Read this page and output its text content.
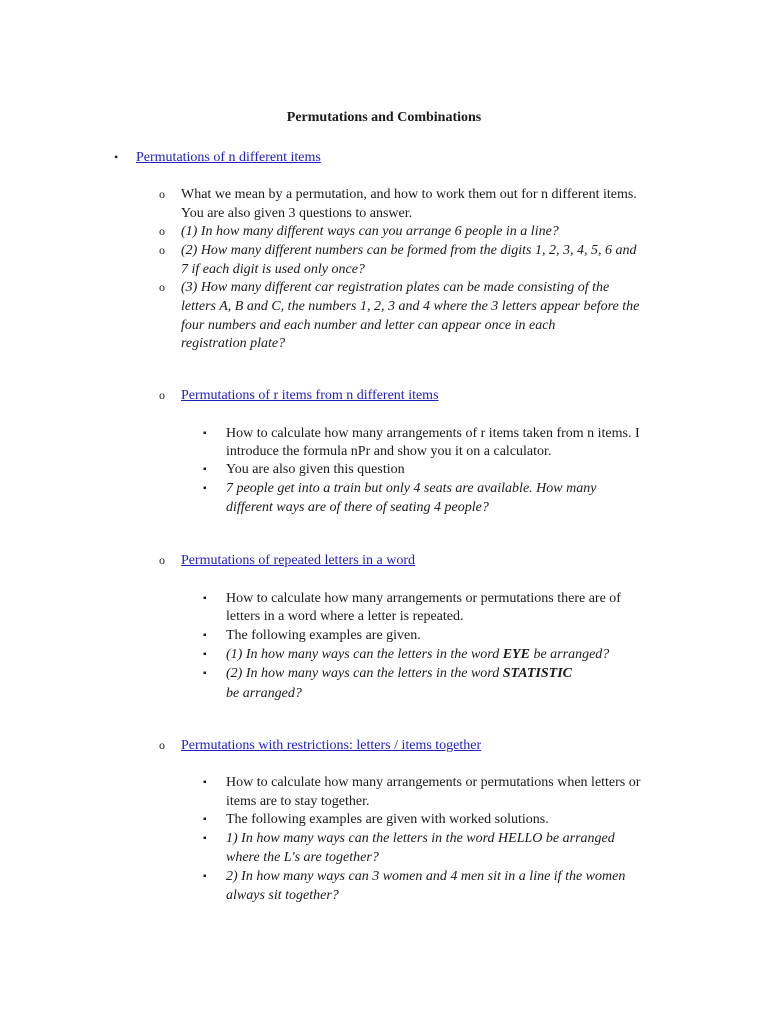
Permutations and Combinations
• Permutations of n different items
o What we mean by a permutation, and how to work them out for n different items.
You are also given 3 questions to answer.
o (1) In how many different ways can you arrange 6 people in a line?
o (2) How many different numbers can be formed from the digits 1, 2, 3, 4, 5, 6 and
7 if each digit is used only once?
o (3) How many different car registration plates can be made consisting of the
letters A, B and C, the numbers 1, 2, 3 and 4 where the 3 letters appear before the
four numbers and each number and letter can appear once in each
registration plate?
o Permutations of r items from n different items
▪ How to calculate how many arrangements of r items taken from n items. I
introduce the formula nPr and show you it on a calculator.
▪ You are also given this question
▪ 7 people get into a train but only 4 seats are available. How many
different ways are of there of seating 4 people?
o Permutations of repeated letters in a word
▪ How to calculate how many arrangements or permutations there are of
letters in a word where a letter is repeated.
▪ The following examples are given.
▪ (1) In how many ways can the letters in the word EYE be arranged?
▪ (2) In how many ways can the letters in the word STATISTIC
be arranged?
o Permutations with restrictions: letters / items together
▪ How to calculate how many arrangements or permutations when letters or
items are to stay together.
▪ The following examples are given with worked solutions.
▪ 1) In how many ways can the letters in the word HELLO be arranged
where the L's are together?
▪ 2) In how many ways can 3 women and 4 men sit in a line if the women
always sit together?
